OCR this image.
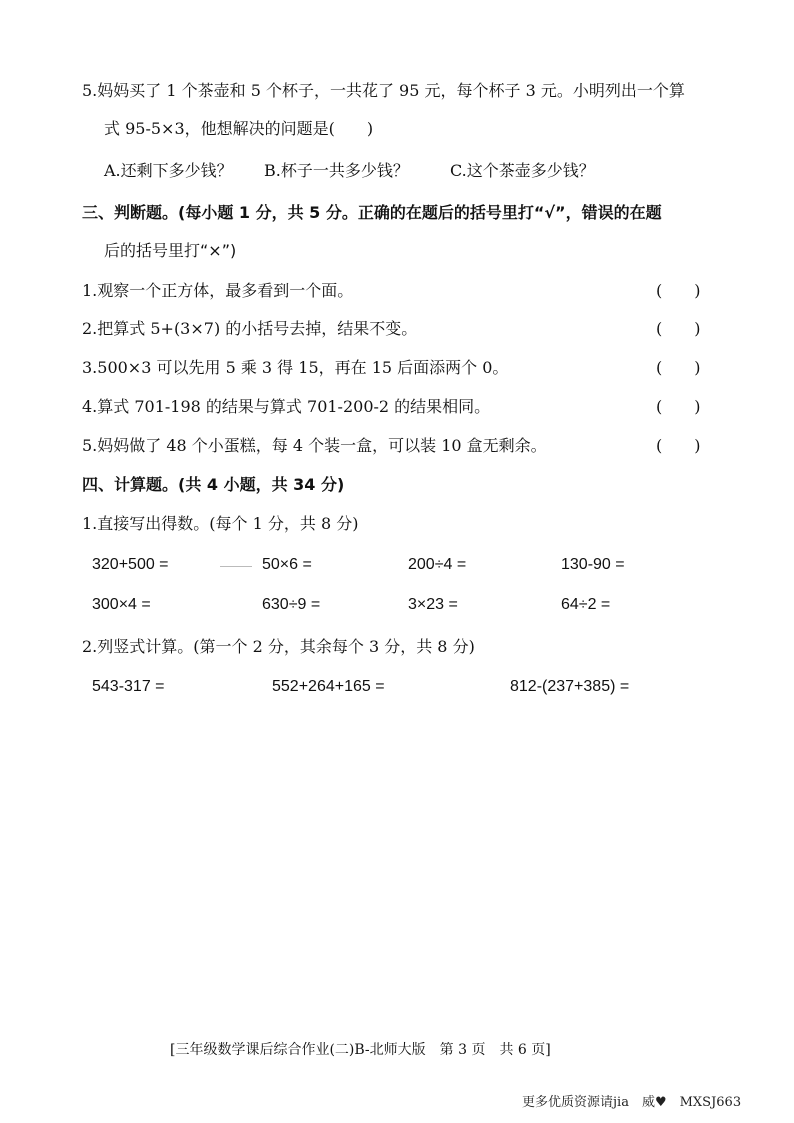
5.妈妈买了 1 个茶壶和 5 个杯子，一共花了 95 元，每个杯子 3 元。小明列出一个算
式 95-5×3，他想解决的问题是(　　)
A.还剩下多少钱？ B.杯子一共多少钱？	C.这个茶壶多少钱？
三、判断题。(每小题 1 分，共 5 分。正确的在题后的括号里打“√”，错误的在题
后的括号里打“×”)
1.观察一个正方体，最多看到一个面。	(　　)
2.把算式 5+(3×7) 的小括号去掉，结果不变。	(　　)
3.500×3 可以先用 5 乘 3 得 15，再在 15 后面添两个 0。	(　　)
4.算式 701-198 的结果与算式 701-200-2 的结果相同。	(　　)
5.妈妈做了 48 个小蛋糕，每 4 个装一盒，可以装 10 盒无剩余。	(　　)
四、计算题。(共 4 小题，共 34 分)
1.直接写出得数。(每个 1 分，共 8 分)
320+500 =	50×6 =	200÷4 =	130-90 =
300×4 =	630÷9 =	3×23 =	64÷2 =
2.列竖式计算。(第一个 2 分，其余每个 3 分，共 8 分)
543-317 =	552+264+165 =	812-(237+385) =
[三年级数学课后综合作业(二)B-北师大版　第 3 页　共 6 页]
更多优质资源请jia　威♥　MXSJ663
